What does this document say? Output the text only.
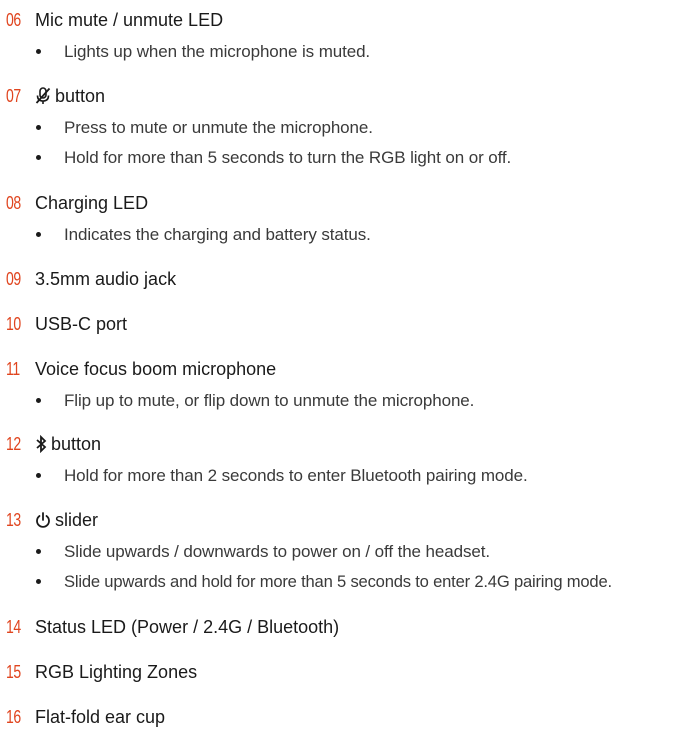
06 Mic mute / unmute LED
Lights up when the microphone is muted.
07 button
Press to mute or unmute the microphone.
Hold for more than 5 seconds to turn the RGB light on or off.
08 Charging LED
Indicates the charging and battery status.
09 3.5mm audio jack
10 USB-C port
11 Voice focus boom microphone
Flip up to mute, or flip down to unmute the microphone.
12 button
Hold for more than 2 seconds to enter Bluetooth pairing mode.
13 slider
Slide upwards / downwards to power on / off the headset.
Slide upwards and hold for more than 5 seconds to enter 2.4G pairing mode.
14 Status LED (Power / 2.4G / Bluetooth)
15 RGB Lighting Zones
16 Flat-fold ear cup
